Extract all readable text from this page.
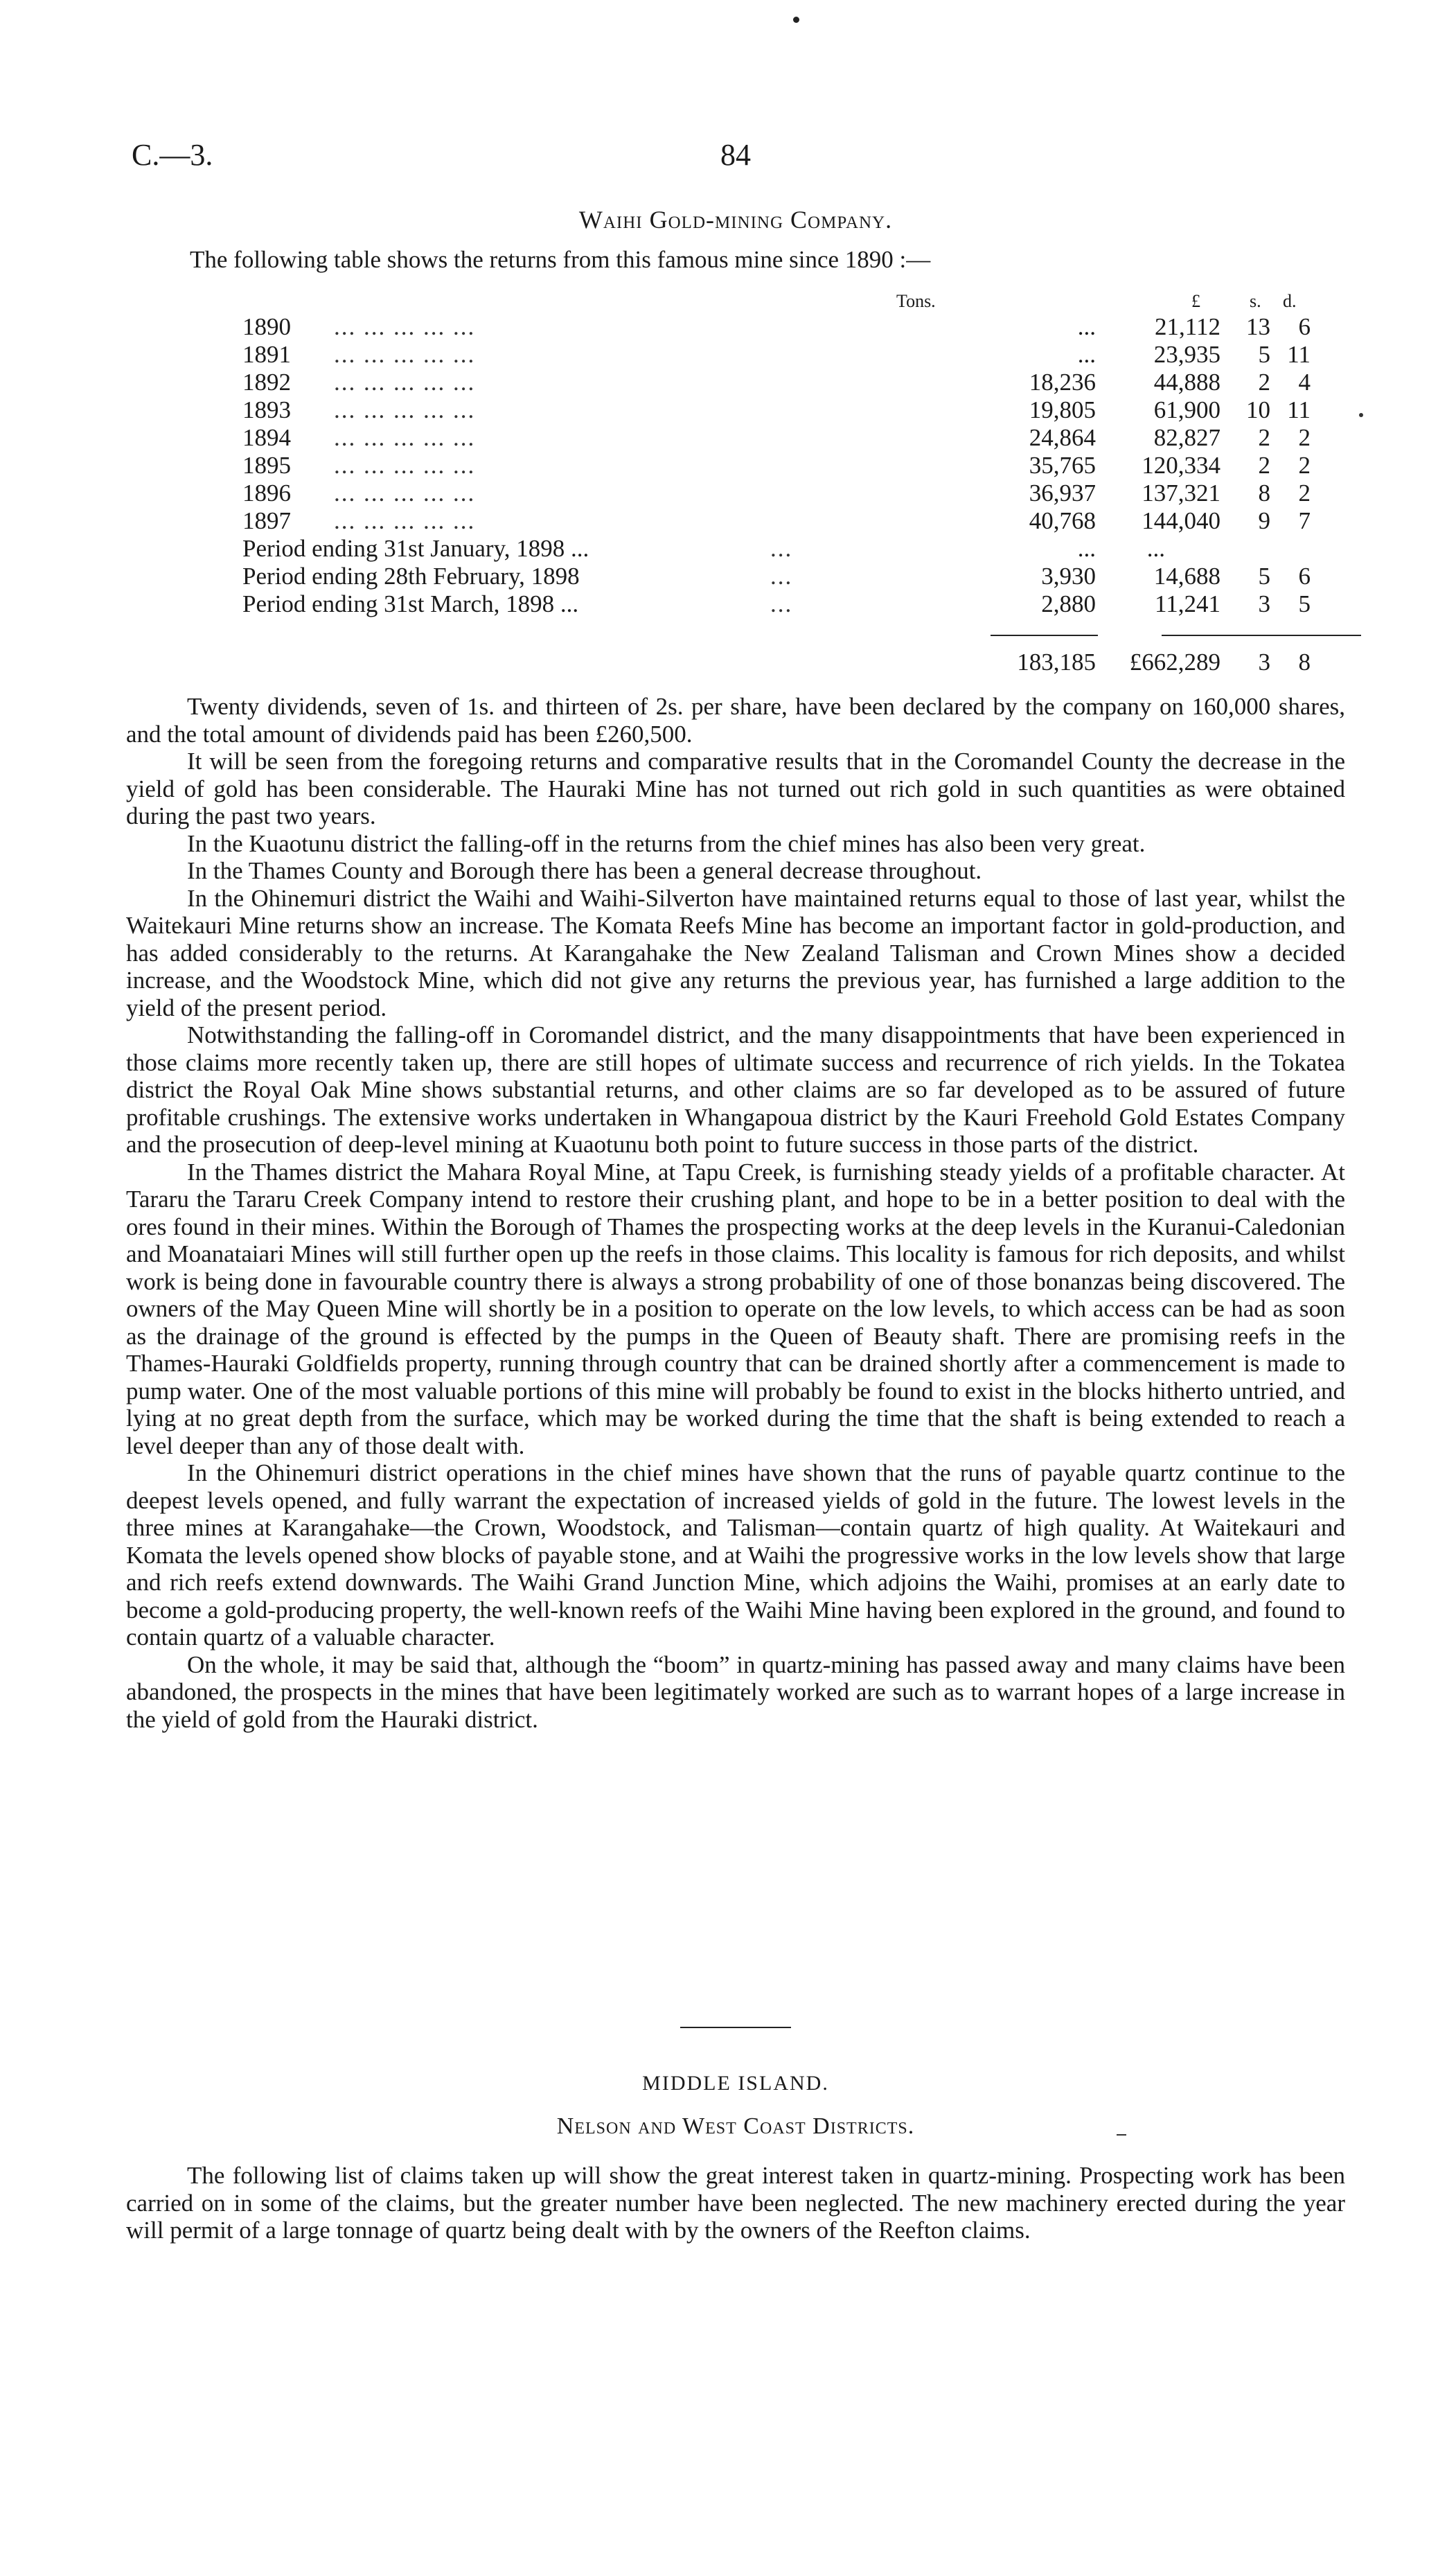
C.—3.	84
Waihi Gold-mining Company.
The following table shows the returns from this famous mine since 1890 :—
Tons.	£	s. d.
1890 ... ... ... ... ...	... 21,112 13 6
1891 ... ... ... ... ...	... 23,935 5 11
1892 ... ... ... ... ...	18,236 44,888 2 4
1893 ... ... ... ... ...	19,805 61,900 10 11
1894 ... ... ... ... ...	24,864 82,827 2 2
1895 ... ... ... ... ...	35,765 120,334 2 2
1896 ... ... ... ... ...	36,937 137,321 8 2
1897 ... ... ... ... ...	40,768 144,040 9 7
Period ending 31st January, 1898 ...	...	... ...
Period ending 28th February, 1898	...	3,930 14,688 5 6
Period ending 31st March, 1898 ...	...	2,880 11,241 3 5
183,185 £662,289 3 8

Twenty dividends, seven of 1s. and thirteen of 2s. per share, have been declared by the company on 160,000 shares, and the total amount of dividends paid has been £260,500.

It will be seen from the foregoing returns and comparative results that in the Coromandel County the decrease in the yield of gold has been considerable. The Hauraki Mine has not turned out rich gold in such quantities as were obtained during the past two years.

In the Kuaotunu district the falling-off in the returns from the chief mines has also been very great.

In the Thames County and Borough there has been a general decrease throughout.

In the Ohinemuri district the Waihi and Waihi-Silverton have maintained returns equal to those of last year, whilst the Waitekauri Mine returns show an increase. The Komata Reefs Mine has become an important factor in gold-production, and has added considerably to the returns. At Karangahake the New Zealand Talisman and Crown Mines show a decided increase, and the Woodstock Mine, which did not give any returns the previous year, has furnished a large addition to the yield of the present period.

Notwithstanding the falling-off in Coromandel district, and the many disappointments that have been experienced in those claims more recently taken up, there are still hopes of ultimate success and recurrence of rich yields. In the Tokatea district the Royal Oak Mine shows substantial returns, and other claims are so far developed as to be assured of future profitable crushings. The extensive works undertaken in Whangapoua district by the Kauri Freehold Gold Estates Company and the prosecution of deep-level mining at Kuaotunu both point to future success in those parts of the district.

In the Thames district the Mahara Royal Mine, at Tapu Creek, is furnishing steady yields of a profitable character. At Tararu the Tararu Creek Company intend to restore their crushing plant, and hope to be in a better position to deal with the ores found in their mines. Within the Borough of Thames the prospecting works at the deep levels in the Kuranui-Caledonian and Moanataiari Mines will still further open up the reefs in those claims. This locality is famous for rich deposits, and whilst work is being done in favourable country there is always a strong probability of one of those bonanzas being discovered. The owners of the May Queen Mine will shortly be in a position to operate on the low levels, to which access can be had as soon as the drainage of the ground is effected by the pumps in the Queen of Beauty shaft. There are promising reefs in the Thames-Hauraki Goldfields property, running through country that can be drained shortly after a commencement is made to pump water. One of the most valuable portions of this mine will probably be found to exist in the blocks hitherto untried, and lying at no great depth from the surface, which may be worked during the time that the shaft is being extended to reach a level deeper than any of those dealt with.

In the Ohinemuri district operations in the chief mines have shown that the runs of payable quartz continue to the deepest levels opened, and fully warrant the expectation of increased yields of gold in the future. The lowest levels in the three mines at Karangahake—the Crown, Woodstock, and Talisman—contain quartz of high quality. At Waitekauri and Komata the levels opened show blocks of payable stone, and at Waihi the progressive works in the low levels show that large and rich reefs extend downwards. The Waihi Grand Junction Mine, which adjoins the Waihi, promises at an early date to become a gold-producing property, the well-known reefs of the Waihi Mine having been explored in the ground, and found to contain quartz of a valuable character.

On the whole, it may be said that, although the “boom” in quartz-mining has passed away and many claims have been abandoned, the prospects in the mines that have been legitimately worked are such as to warrant hopes of a large increase in the yield of gold from the Hauraki district.

MIDDLE ISLAND.
Nelson and West Coast Districts.

The following list of claims taken up will show the great interest taken in quartz-mining. Prospecting work has been carried on in some of the claims, but the greater number have been neglected. The new machinery erected during the year will permit of a large tonnage of quartz being dealt with by the owners of the Reefton claims.
